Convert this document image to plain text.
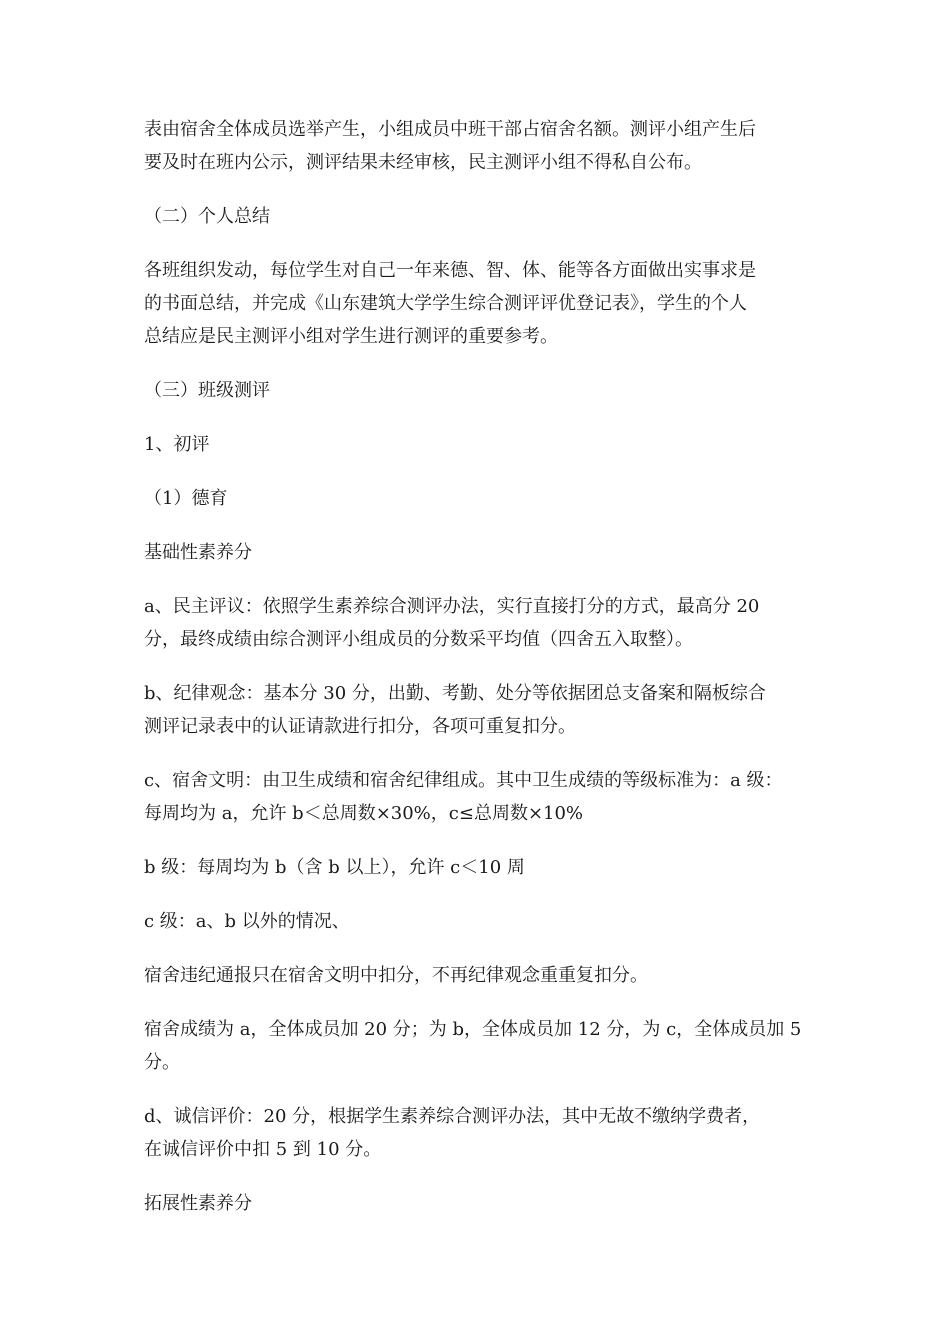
表由宿舍全体成员选举产生，小组成员中班干部占宿舍名额。测评小组产生后
要及时在班内公示，测评结果未经审核，民主测评小组不得私自公布。

（二）个人总结

各班组织发动，每位学生对自己一年来德、智、体、能等各方面做出实事求是
的书面总结，并完成《山东建筑大学学生综合测评评优登记表》，学生的个人
总结应是民主测评小组对学生进行测评的重要参考。

（三）班级测评

1、初评

（1）德育

基础性素养分

a、民主评议：依照学生素养综合测评办法，实行直接打分的方式，最高分 20
分，最终成绩由综合测评小组成员的分数采平均值（四舍五入取整）。

b、纪律观念：基本分 30 分，出勤、考勤、处分等依据团总支备案和隔板综合
测评记录表中的认证请款进行扣分，各项可重复扣分。

c、宿舍文明：由卫生成绩和宿舍纪律组成。其中卫生成绩的等级标准为：a 级：
每周均为 a，允许 b＜总周数×30%，c≤总周数×10%

b 级：每周均为 b（含 b 以上），允许 c＜10 周

c 级：a、b 以外的情况、

宿舍违纪通报只在宿舍文明中扣分，不再纪律观念重重复扣分。

宿舍成绩为 a，全体成员加 20 分；为 b，全体成员加 12 分，为 c，全体成员加 5
分。

d、诚信评价：20 分，根据学生素养综合测评办法，其中无故不缴纳学费者，
在诚信评价中扣 5 到 10 分。

拓展性素养分
